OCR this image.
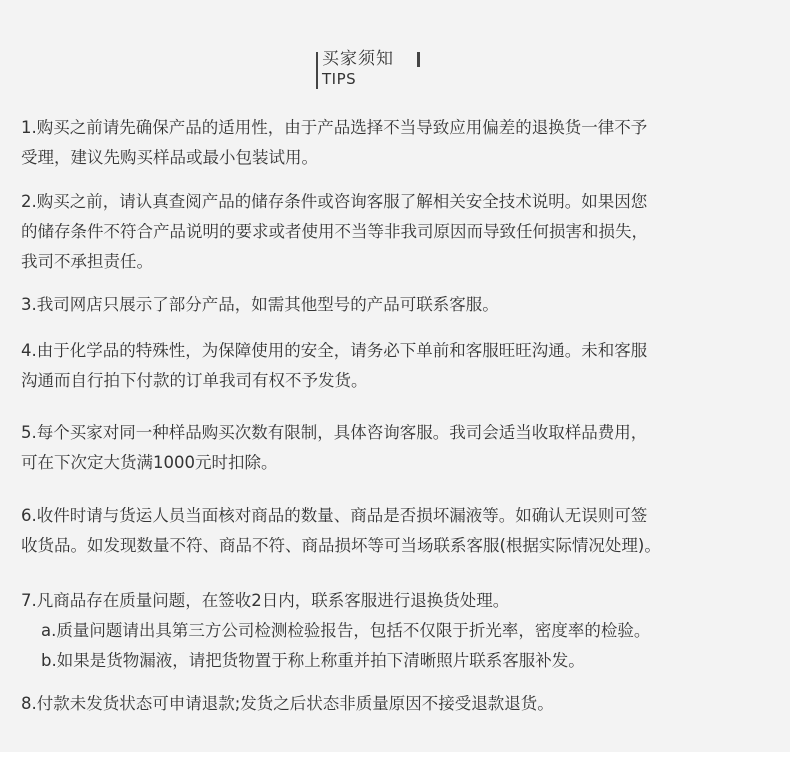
买家须知
TIPS
1.购买之前请先确保产品的适用性，由于产品选择不当导致应用偏差的退换货一律不予
受理，建议先购买样品或最小包装试用。
2.购买之前，请认真查阅产品的储存条件或咨询客服了解相关安全技术说明。如果因您
的储存条件不符合产品说明的要求或者使用不当等非我司原因而导致任何损害和损失，
我司不承担责任。
3.我司网店只展示了部分产品，如需其他型号的产品可联系客服。
4.由于化学品的特殊性，为保障使用的安全，请务必下单前和客服旺旺沟通。未和客服
沟通而自行拍下付款的订单我司有权不予发货。
5.每个买家对同一种样品购买次数有限制，具体咨询客服。我司会适当收取样品费用，
可在下次定大货满1000元时扣除。
6.收件时请与货运人员当面核对商品的数量、商品是否损坏漏液等。如确认无误则可签
收货品。如发现数量不符、商品不符、商品损坏等可当场联系客服(根据实际情况处理)。
7.凡商品存在质量问题，在签收2日内，联系客服进行退换货处理。
a.质量问题请出具第三方公司检测检验报告，包括不仅限于折光率，密度率的检验。
b.如果是货物漏液，请把货物置于称上称重并拍下清晰照片联系客服补发。
8.付款未发货状态可申请退款;发货之后状态非质量原因不接受退款退货。
